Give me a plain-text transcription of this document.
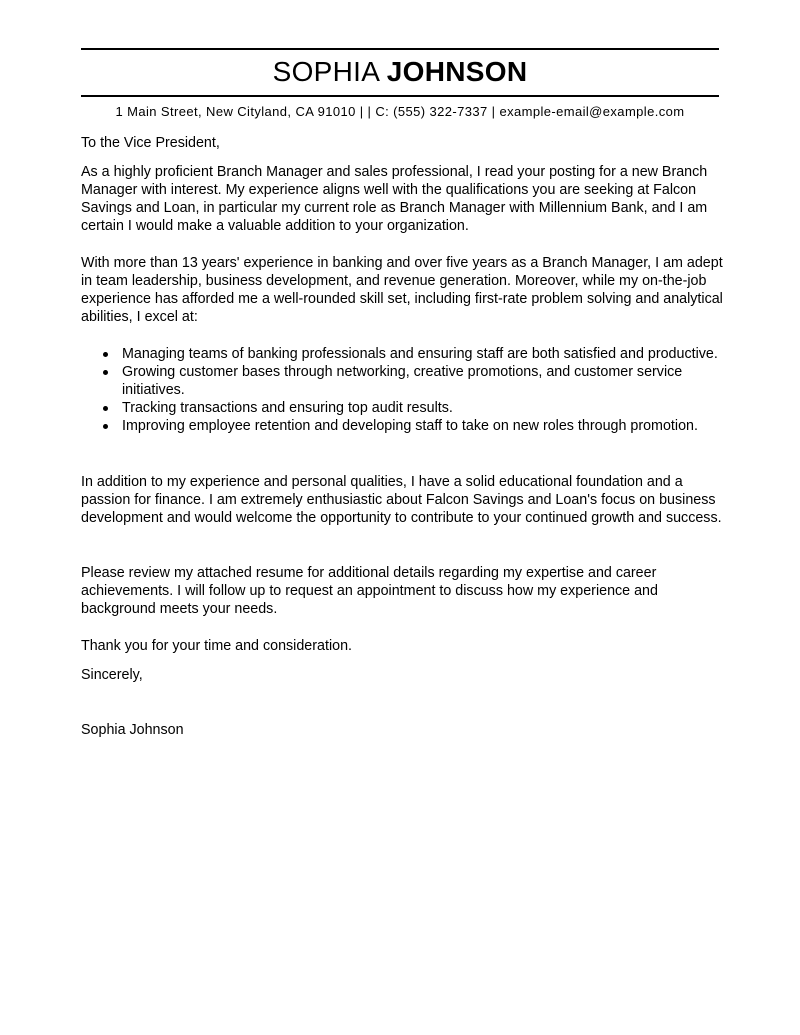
SOPHIA JOHNSON
1 Main Street, New Cityland, CA 91010 | | C: (555) 322-7337 | example-email@example.com

To the Vice President,

As a highly proficient Branch Manager and sales professional, I read your posting for a new Branch Manager with interest. My experience aligns well with the qualifications you are seeking at Falcon Savings and Loan, in particular my current role as Branch Manager with Millennium Bank, and I am certain I would make a valuable addition to your organization.

With more than 13 years' experience in banking and over five years as a Branch Manager, I am adept in team leadership, business development, and revenue generation. Moreover, while my on-the-job experience has afforded me a well-rounded skill set, including first-rate problem solving and analytical abilities, I excel at:

Managing teams of banking professionals and ensuring staff are both satisfied and productive.
Growing customer bases through networking, creative promotions, and customer service initiatives.
Tracking transactions and ensuring top audit results.
Improving employee retention and developing staff to take on new roles through promotion.

In addition to my experience and personal qualities, I have a solid educational foundation and a passion for finance. I am extremely enthusiastic about Falcon Savings and Loan's focus on business development and would welcome the opportunity to contribute to your continued growth and success.

Please review my attached resume for additional details regarding my expertise and career achievements. I will follow up to request an appointment to discuss how my experience and background meets your needs.

Thank you for your time and consideration.

Sincerely,

Sophia Johnson
